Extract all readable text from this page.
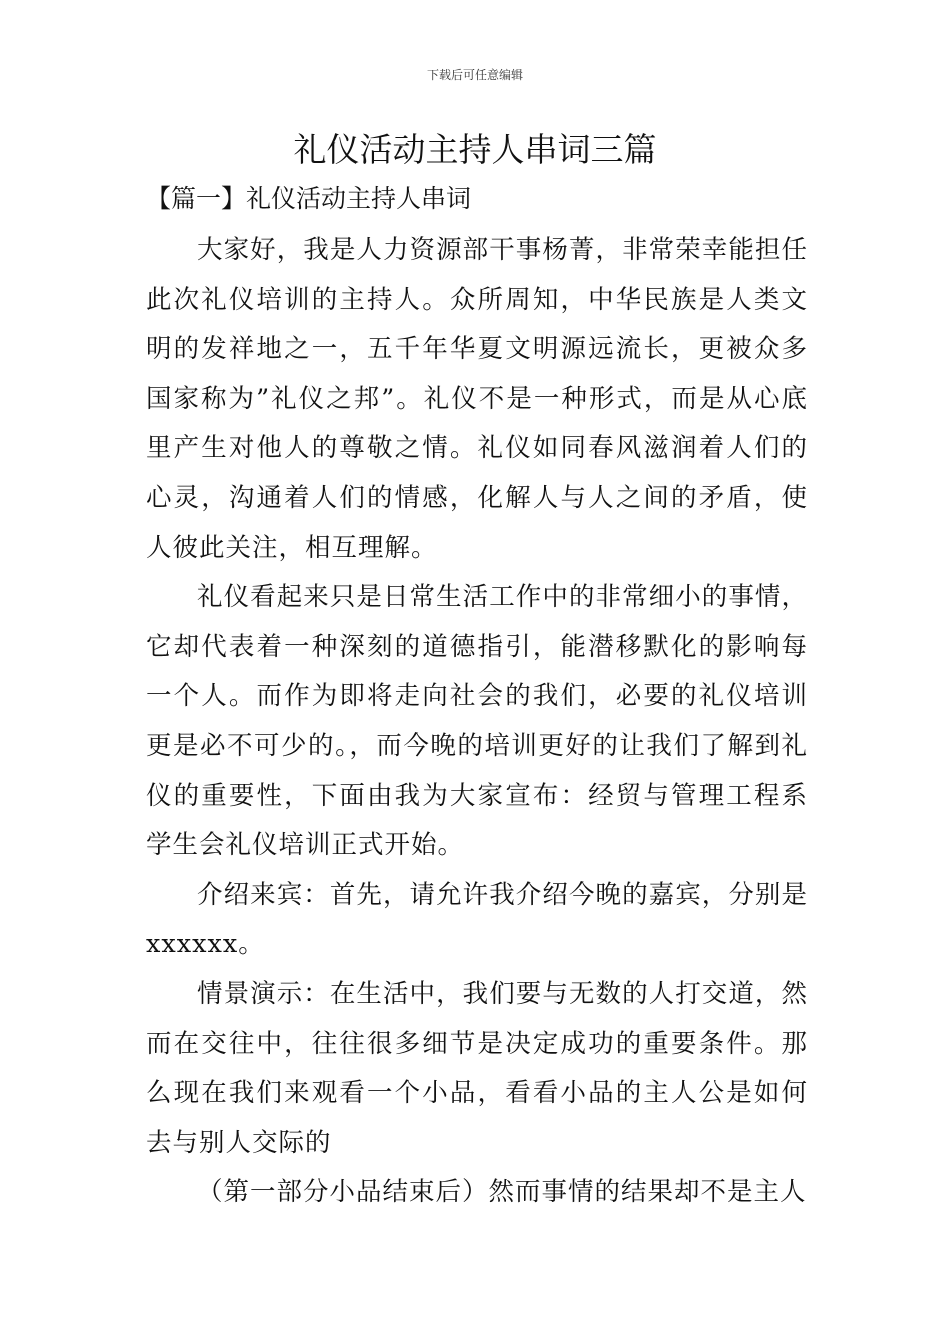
下载后可任意编辑
礼仪活动主持人串词三篇
【篇一】礼仪活动主持人串词

大家好，我是人力资源部干事杨菁，非常荣幸能担任此次礼仪培训的主持人。众所周知，中华民族是人类文明的发祥地之一，五千年华夏文明源远流长，更被众多国家称为”礼仪之邦”。礼仪不是一种形式，而是从心底里产生对他人的尊敬之情。礼仪如同春风滋润着人们的心灵，沟通着人们的情感，化解人与人之间的矛盾，使人彼此关注，相互理解。

礼仪看起来只是日常生活工作中的非常细小的事情，它却代表着一种深刻的道德指引，能潜移默化的影响每一个人。而作为即将走向社会的我们，必要的礼仪培训更是必不可少的。，而今晚的培训更好的让我们了解到礼仪的重要性，下面由我为大家宣布：经贸与管理工程系学生会礼仪培训正式开始。

介绍来宾：首先，请允许我介绍今晚的嘉宾，分别是xxxxxx。

情景演示：在生活中，我们要与无数的人打交道，然而在交往中，往往很多细节是决定成功的重要条件。那么现在我们来观看一个小品，看看小品的主人公是如何去与别人交际的

（第一部分小品结束后）然而事情的结果却不是主人
